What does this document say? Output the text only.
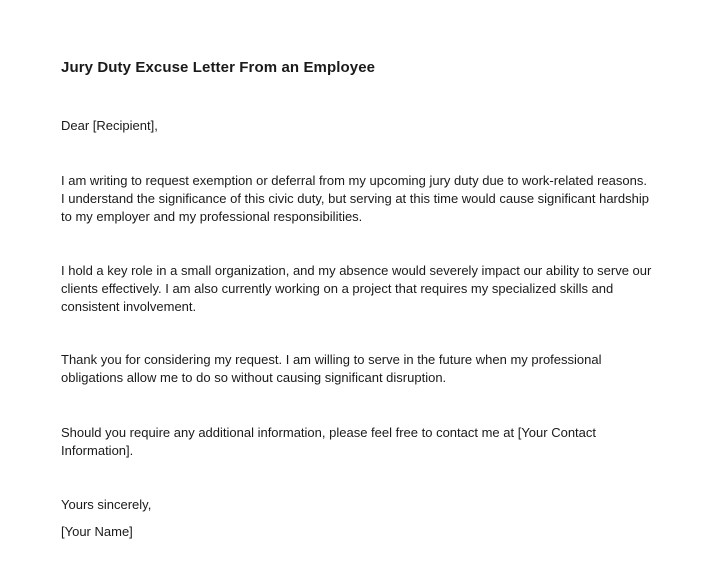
Jury Duty Excuse Letter From an Employee
Dear [Recipient],
I am writing to request exemption or deferral from my upcoming jury duty due to work-related reasons.
I understand the significance of this civic duty, but serving at this time would cause significant hardship
to my employer and my professional responsibilities.
I hold a key role in a small organization, and my absence would severely impact our ability to serve our
clients effectively. I am also currently working on a project that requires my specialized skills and
consistent involvement.
Thank you for considering my request. I am willing to serve in the future when my professional
obligations allow me to do so without causing significant disruption.
Should you require any additional information, please feel free to contact me at [Your Contact
Information].
Yours sincerely,
[Your Name]
